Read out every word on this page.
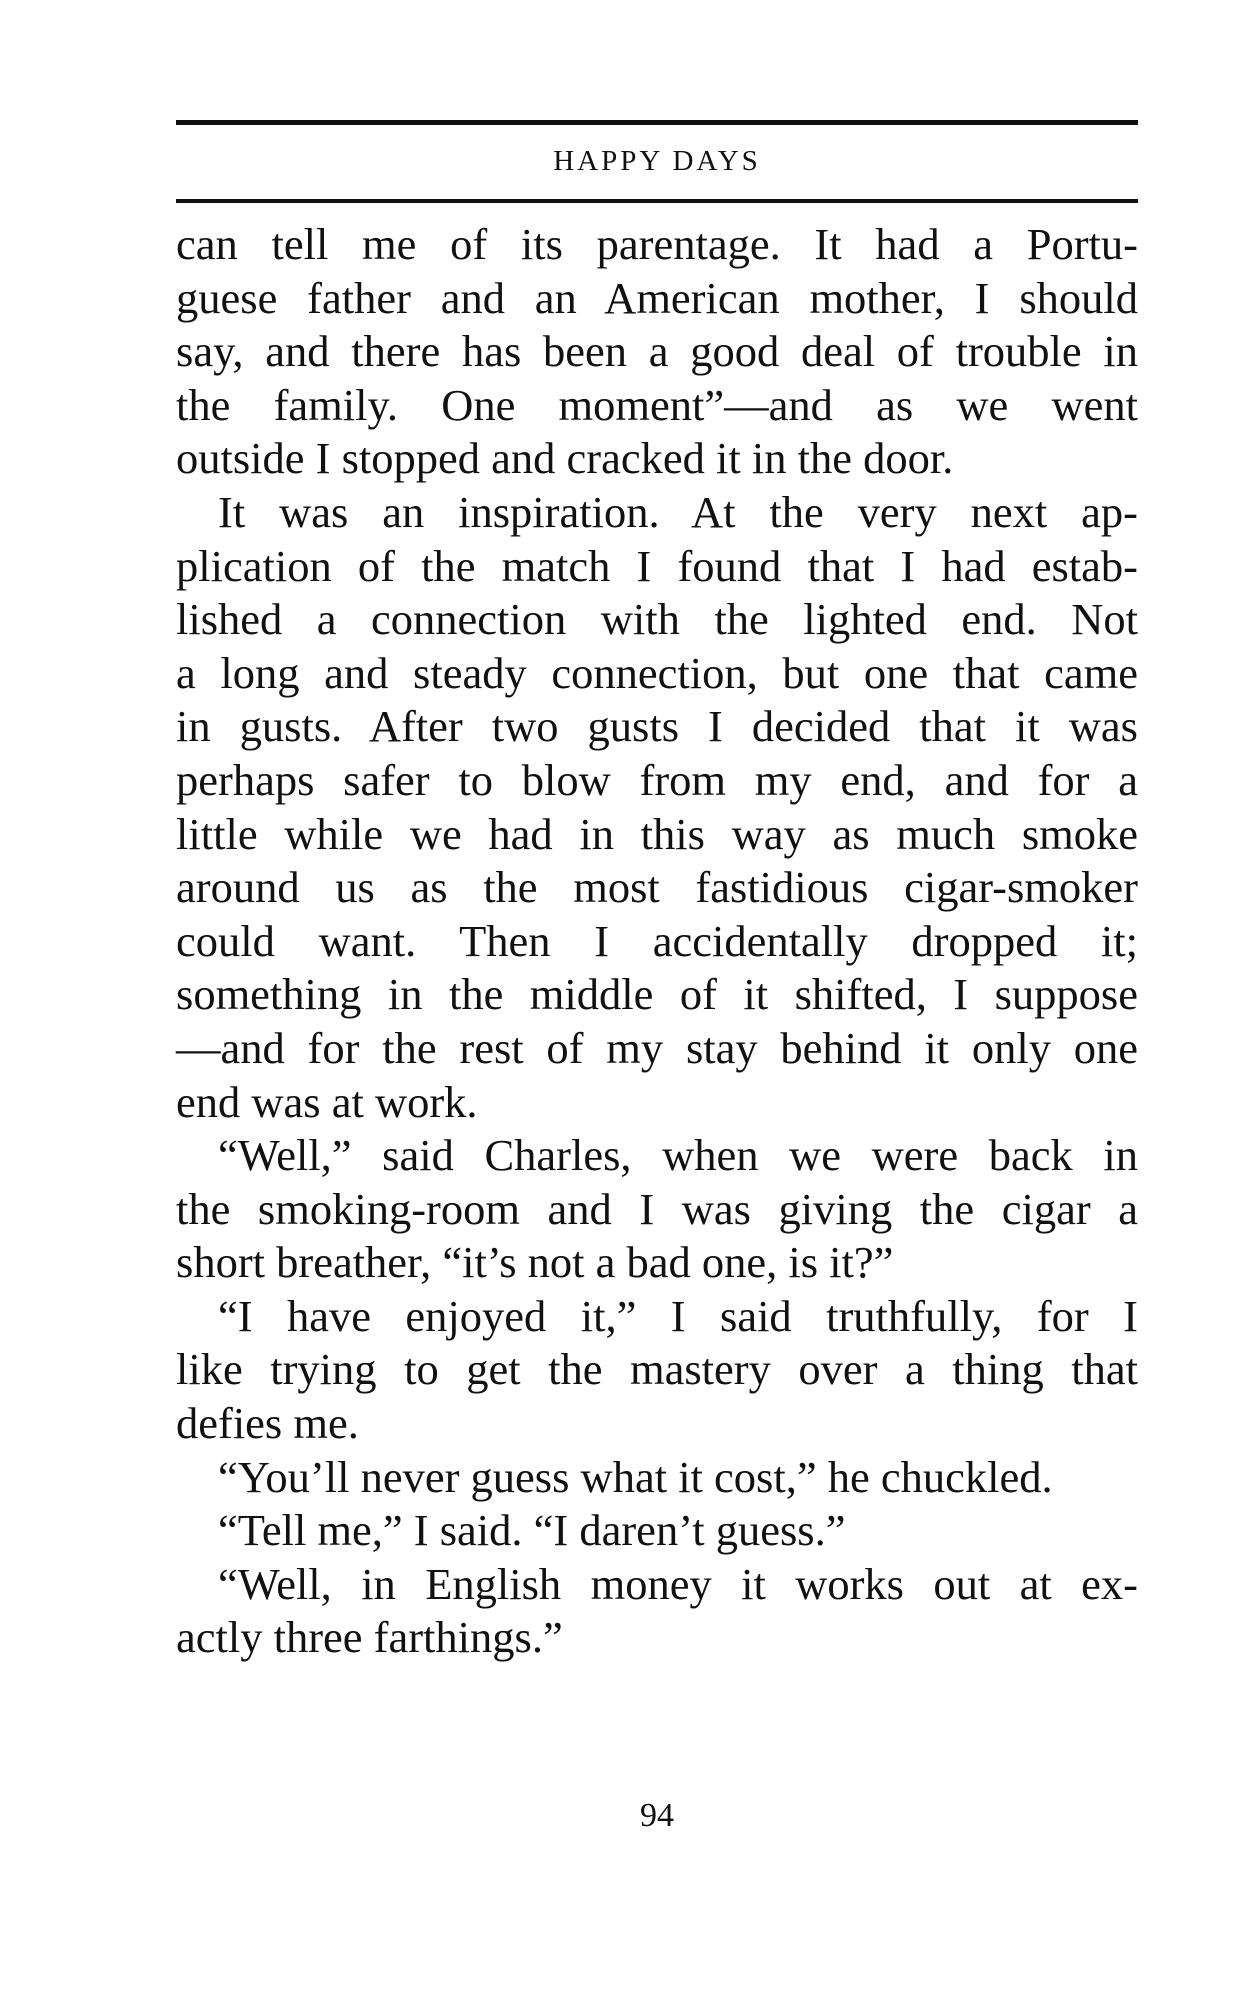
HAPPY DAYS
can tell me of its parentage. It had a Portu-
guese father and an American mother, I should
say, and there has been a good deal of trouble in
the family. One moment”—and as we went
outside I stopped and cracked it in the door.
It was an inspiration. At the very next ap-
plication of the match I found that I had estab-
lished a connection with the lighted end. Not
a long and steady connection, but one that came
in gusts. After two gusts I decided that it was
perhaps safer to blow from my end, and for a
little while we had in this way as much smoke
around us as the most fastidious cigar-smoker
could want. Then I accidentally dropped it;
something in the middle of it shifted, I suppose
—and for the rest of my stay behind it only one
end was at work.
“Well,” said Charles, when we were back in
the smoking-room and I was giving the cigar a
short breather, “it’s not a bad one, is it?”
“I have enjoyed it,” I said truthfully, for I
like trying to get the mastery over a thing that
defies me.
“You’ll never guess what it cost,” he chuckled.
“Tell me,” I said. “I daren’t guess.”
“Well, in English money it works out at ex-
actly three farthings.”
94
